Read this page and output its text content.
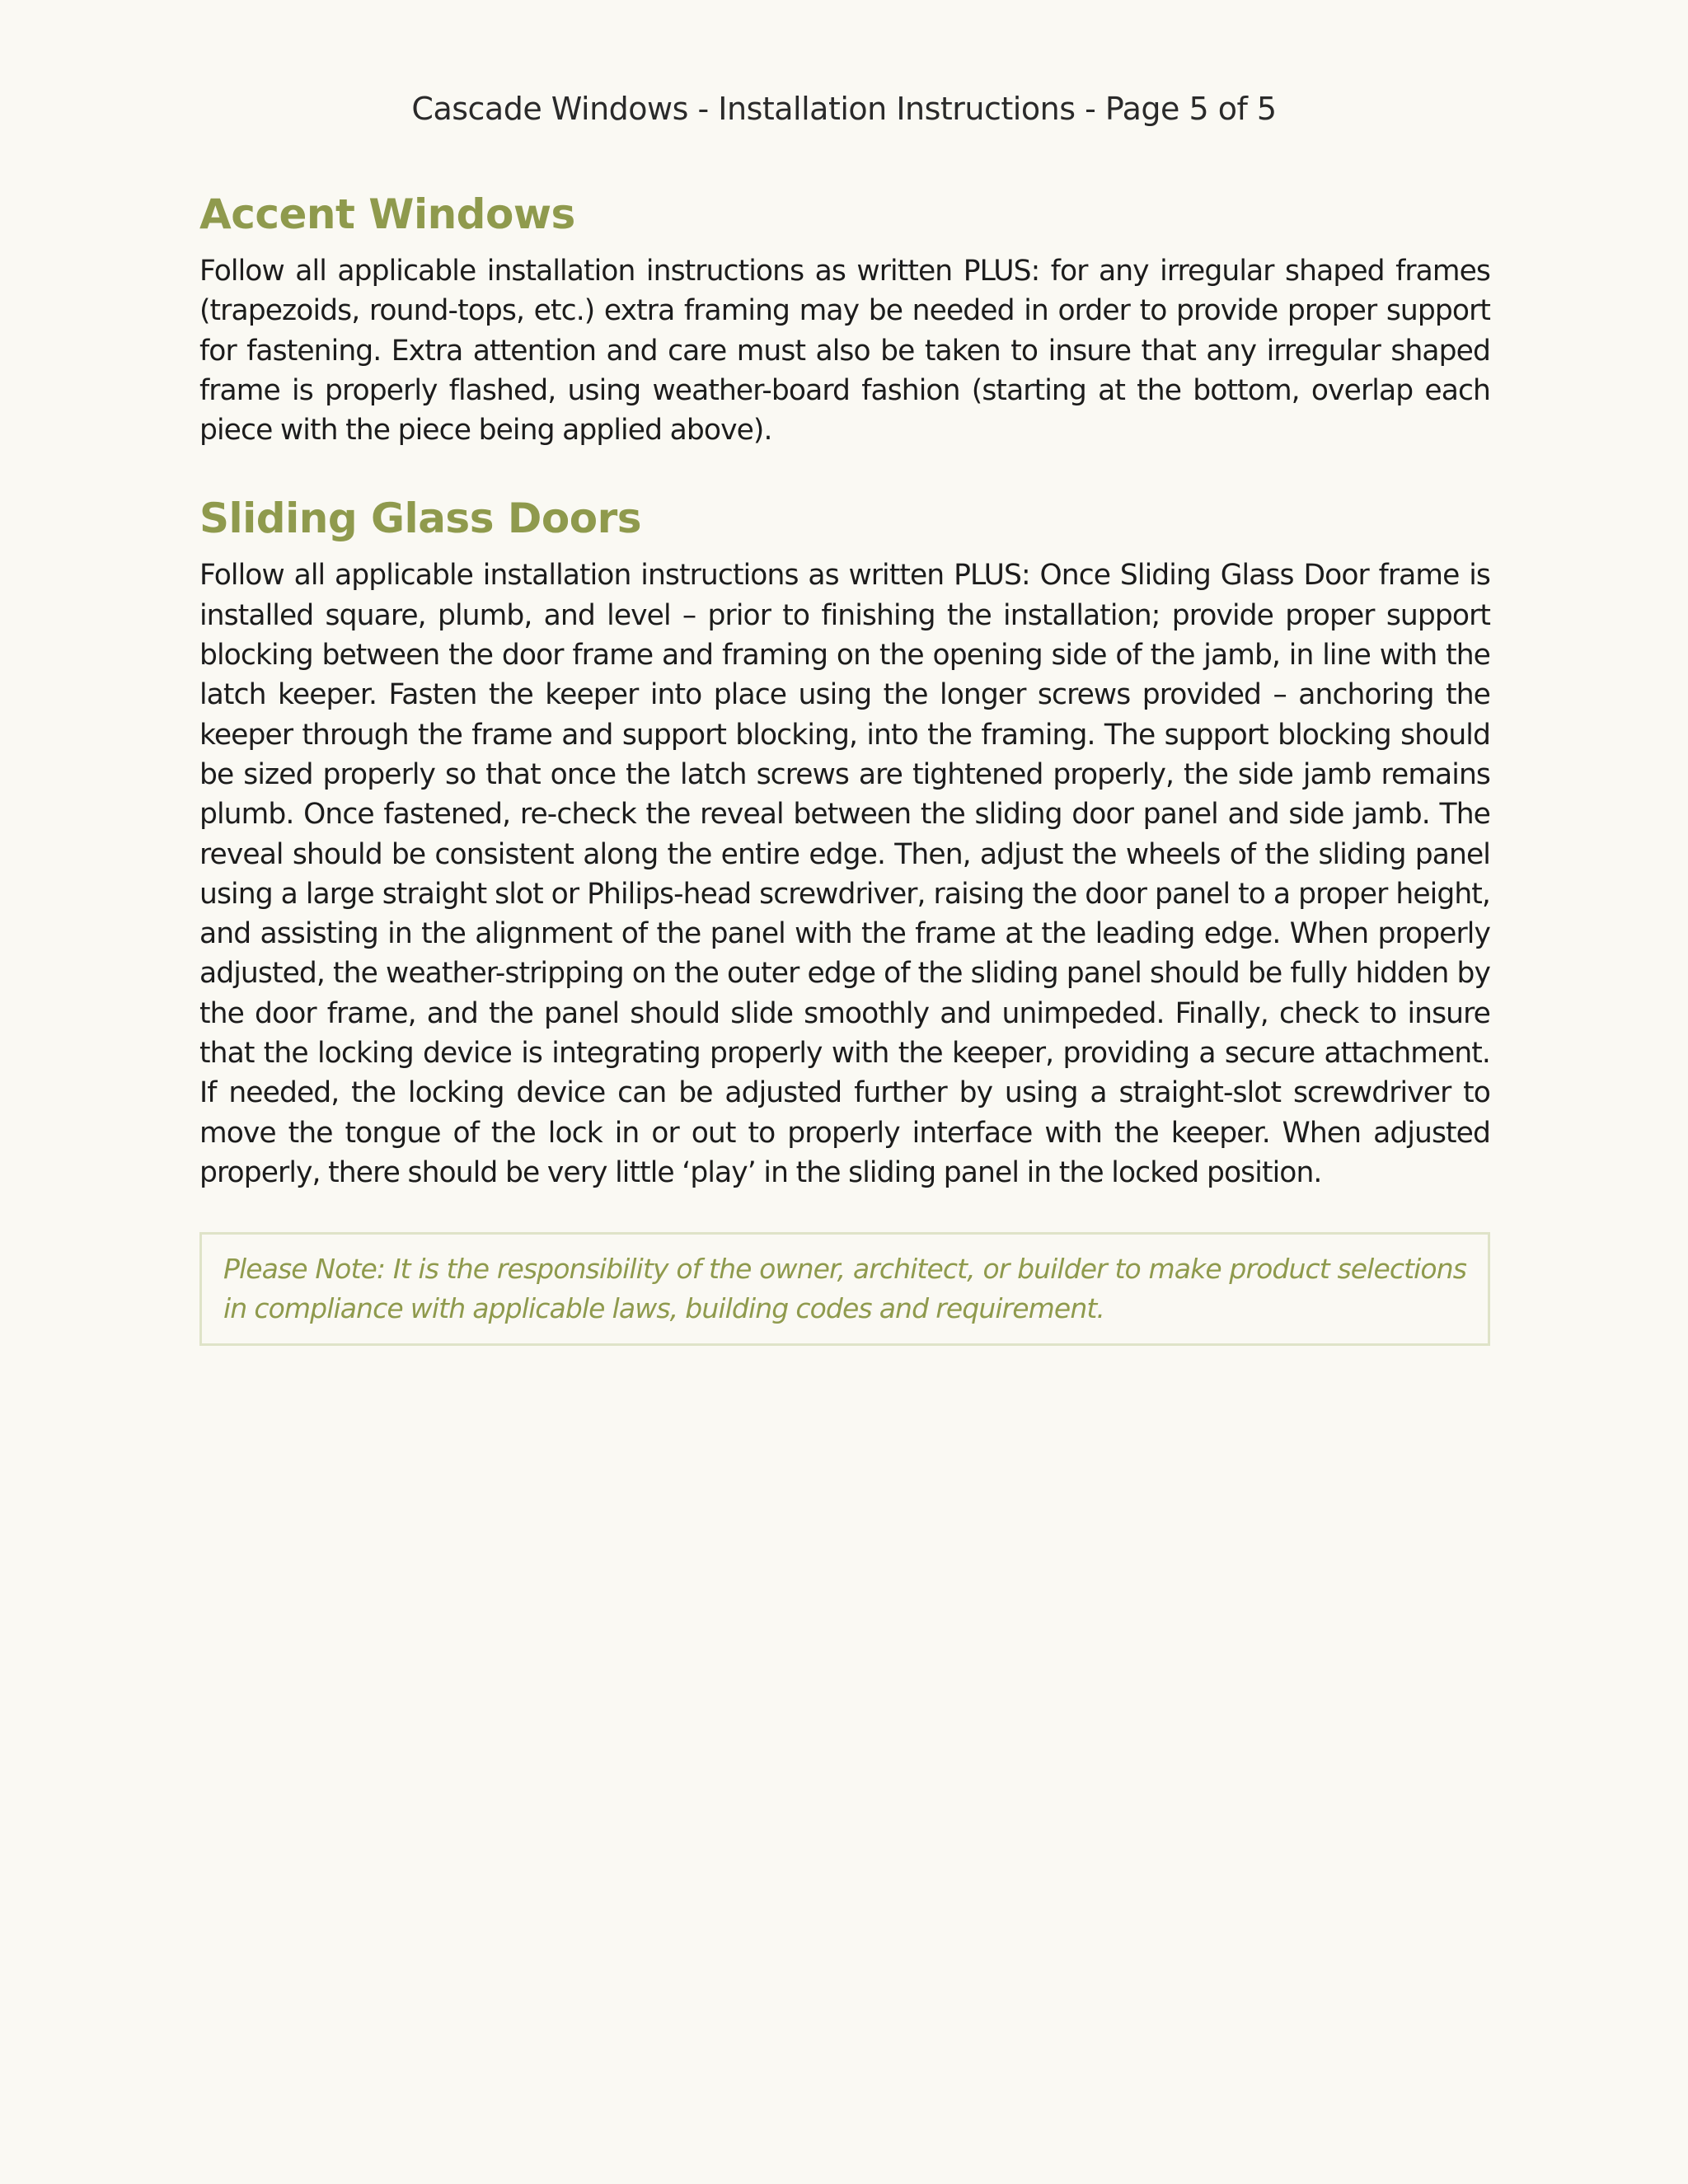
Cascade Windows - Installation Instructions - Page 5 of 5
Accent Windows

Follow all applicable installation instructions as written PLUS: for any irregular shaped frames (trapezoids, round-tops, etc.) extra framing may be needed in order to provide proper support for fastening. Extra attention and care must also be taken to insure that any irregular shaped frame is properly flashed, using weather-board fashion (starting at the bottom, overlap each piece with the piece being applied above).

Sliding Glass Doors

Follow all applicable installation instructions as written PLUS: Once Sliding Glass Door frame is installed square, plumb, and level – prior to finishing the installation; provide proper support blocking between the door frame and framing on the opening side of the jamb, in line with the latch keeper. Fasten the keeper into place using the longer screws provided – anchoring the keeper through the frame and support blocking, into the framing. The support blocking should be sized properly so that once the latch screws are tightened properly, the side jamb remains plumb. Once fastened, re-check the reveal between the sliding door panel and side jamb. The reveal should be consistent along the entire edge. Then, adjust the wheels of the sliding panel using a large straight slot or Philips-head screwdriver, raising the door panel to a proper height, and assisting in the alignment of the panel with the frame at the leading edge. When properly adjusted, the weather-stripping on the outer edge of the sliding panel should be fully hidden by the door frame, and the panel should slide smoothly and unimpeded. Finally, check to insure that the locking device is integrating properly with the keeper, providing a secure attachment. If needed, the locking device can be adjusted further by using a straight-slot screwdriver to move the tongue of the lock in or out to properly interface with the keeper. When adjusted properly, there should be very little ‘play’ in the sliding panel in the locked position.

Please Note: It is the responsibility of the owner, architect, or builder to make product selections in compliance with applicable laws, building codes and requirement.
